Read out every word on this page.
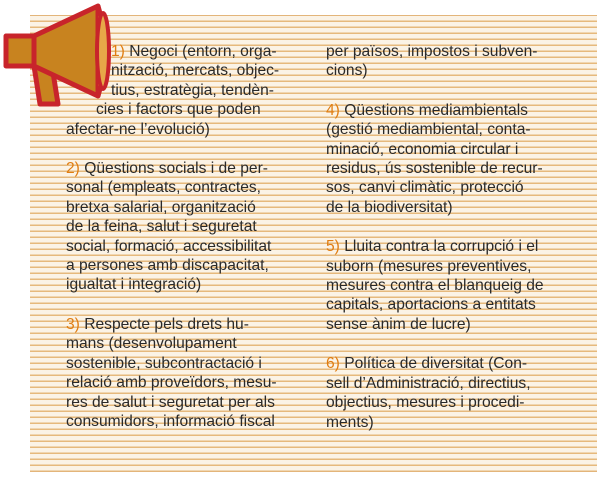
1) Negoci (entorn, orga-
nització, mercats, objec-
tius, estratègia, tendèn-
cies i factors que poden
afectar-ne l’evolució)
2) Qüestions socials i de per-
sonal (empleats, contractes,
bretxa salarial, organització
de la feina, salut i seguretat
social, formació, accessibilitat
a persones amb discapacitat,
igualtat i integració)
3) Respecte pels drets hu-
mans (desenvolupament
sostenible, subcontractació i
relació amb proveïdors, mesu-
res de salut i seguretat per als
consumidors, informació fiscal
per països, impostos i subven-
cions)
4) Qüestions mediambientals
(gestió mediambiental, conta-
minació, economia circular i
residus, ús sostenible de recur-
sos, canvi climàtic, protecció
de la biodiversitat)
5) Lluita contra la corrupció i el
suborn (mesures preventives,
mesures contra el blanqueig de
capitals, aportacions a entitats
sense ànim de lucre)
6) Política de diversitat (Con-
sell d’Administració, directius,
objectius, mesures i procedi-
ments)
